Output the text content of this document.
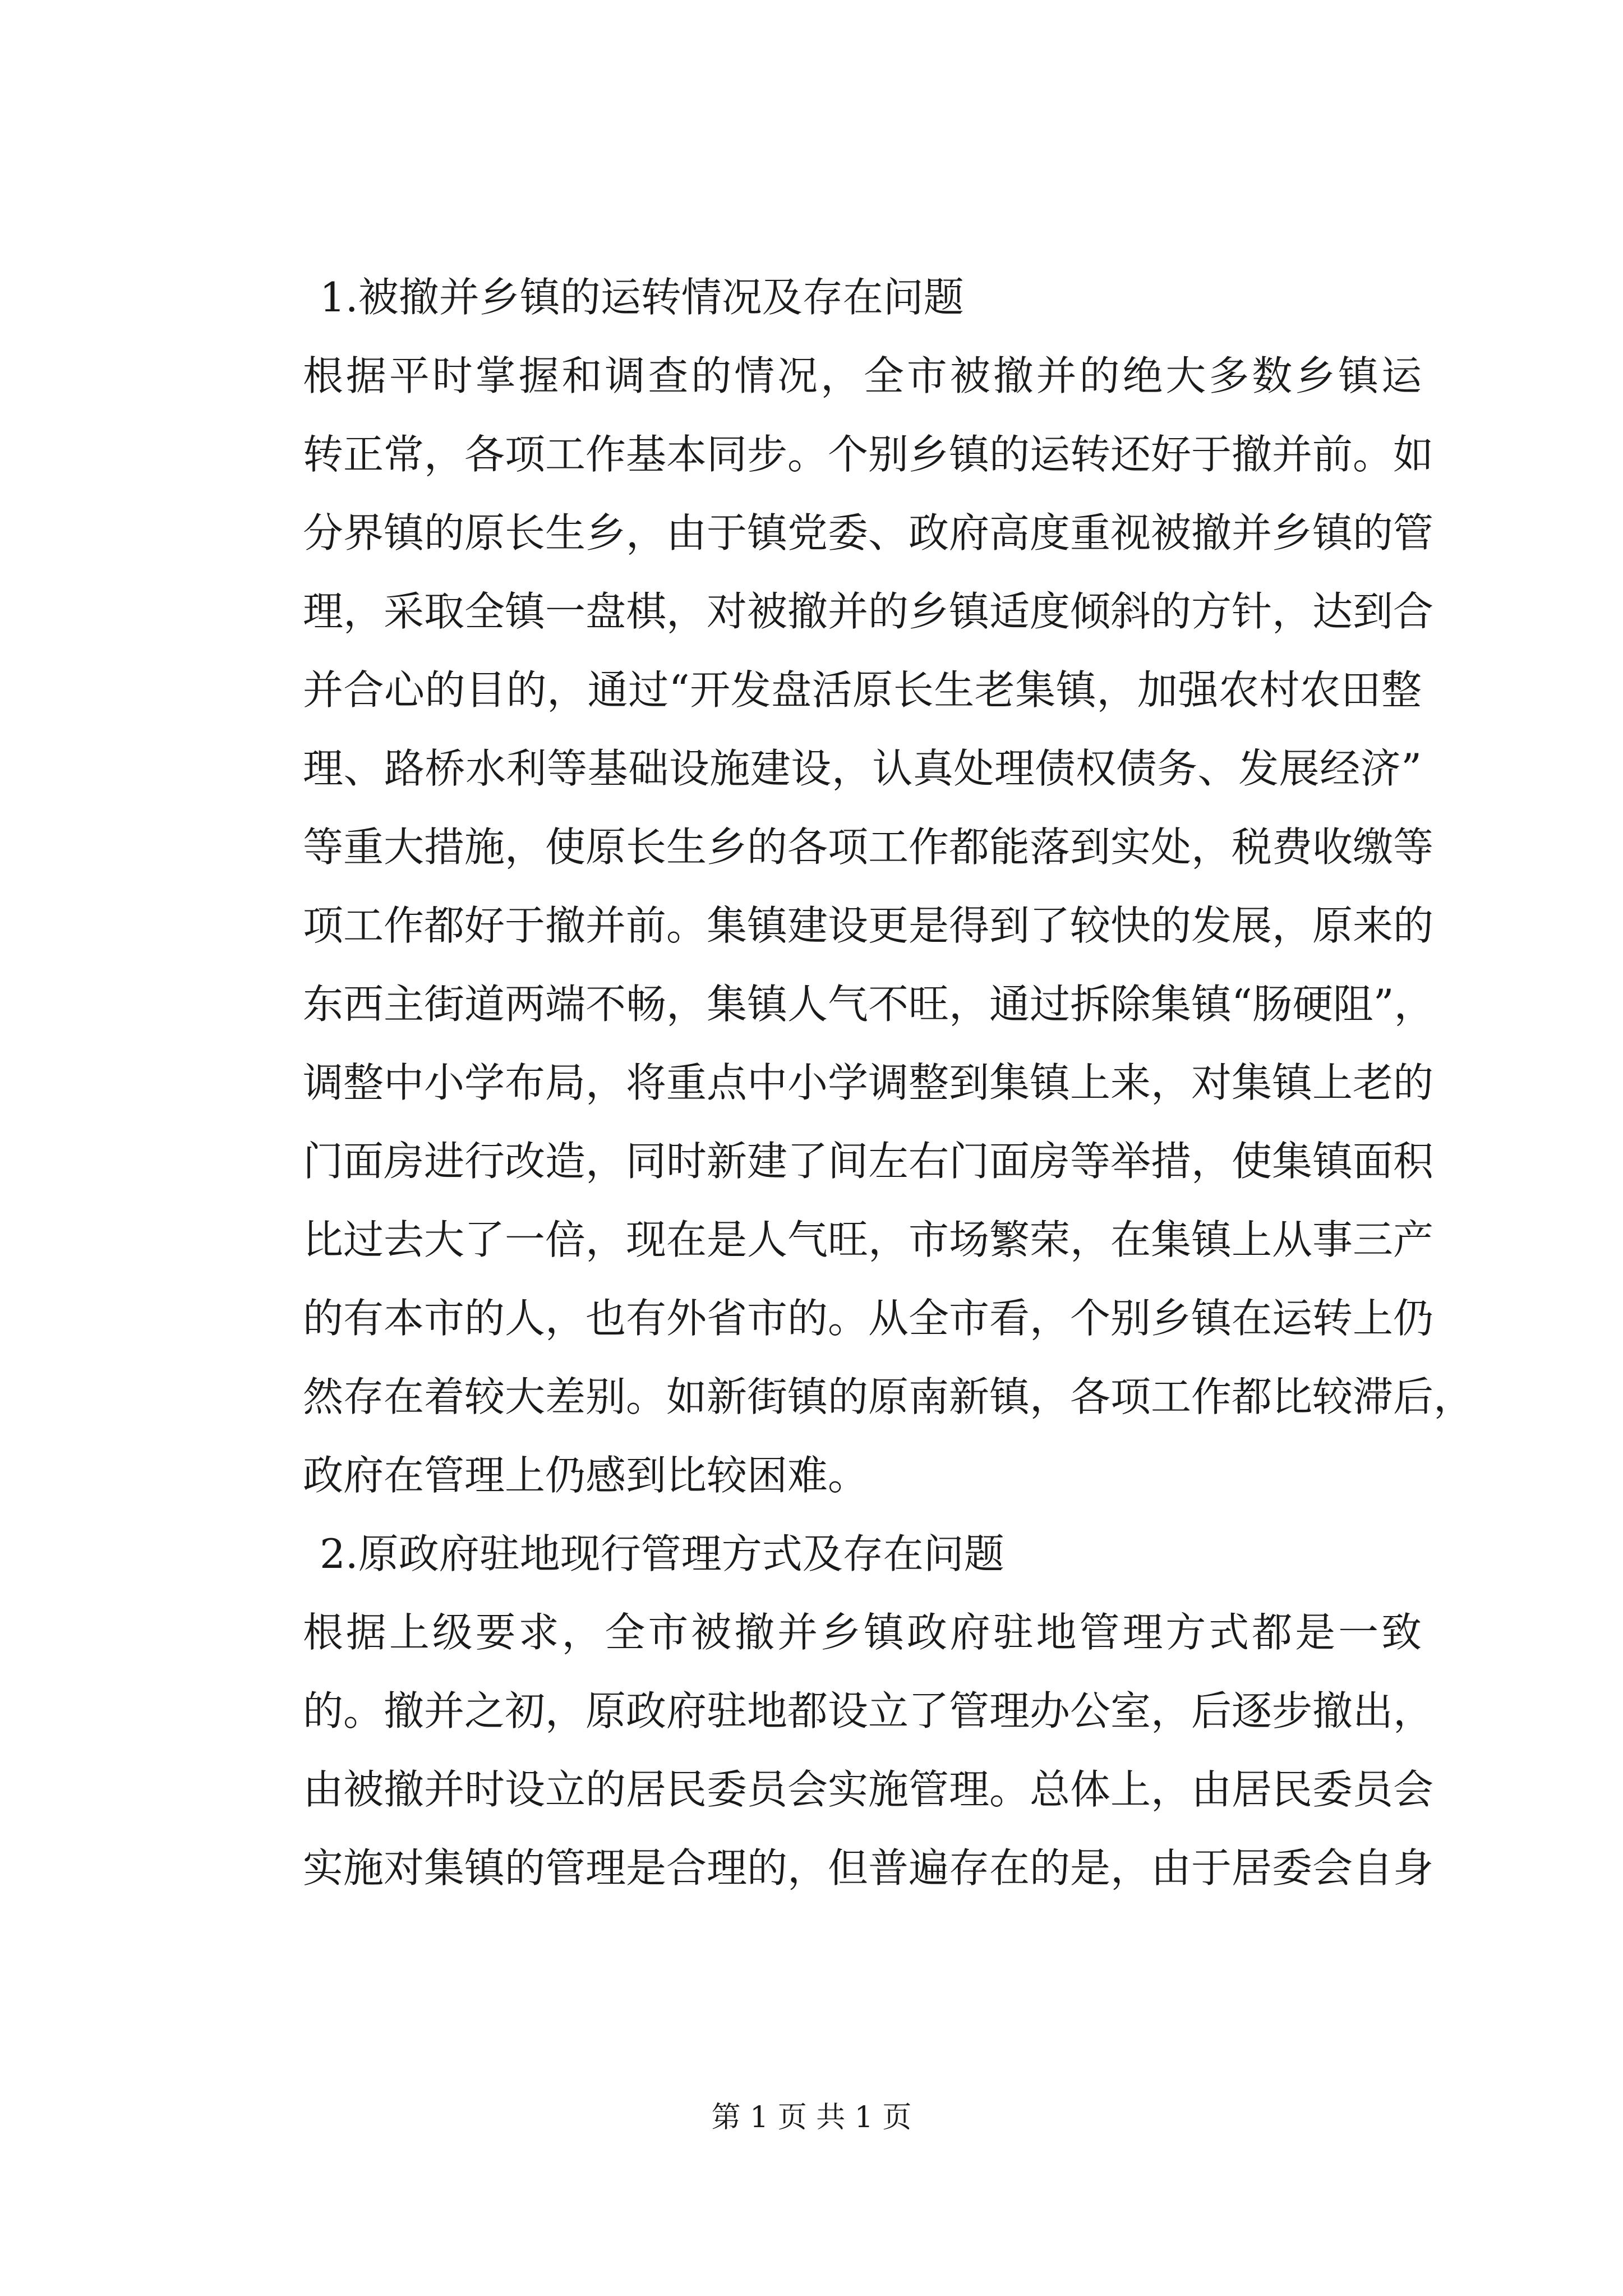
1.被撤并乡镇的运转情况及存在问题

根据平时掌握和调查的情况，全市被撤并的绝大多数乡镇运
转正常，各项工作基本同步。个别乡镇的运转还好于撤并前。如
分界镇的原长生乡，由于镇党委、政府高度重视被撤并乡镇的管
理，采取全镇一盘棋，对被撤并的乡镇适度倾斜的方针，达到合
并合心的目的，通过“开发盘活原长生老集镇，加强农村农田整
理、路桥水利等基础设施建设，认真处理债权债务、发展经济”
等重大措施，使原长生乡的各项工作都能落到实处，税费收缴等
项工作都好于撤并前。集镇建设更是得到了较快的发展，原来的
东西主街道两端不畅，集镇人气不旺，通过拆除集镇“肠硬阻”，
调整中小学布局，将重点中小学调整到集镇上来，对集镇上老的
门面房进行改造，同时新建了间左右门面房等举措，使集镇面积
比过去大了一倍，现在是人气旺，市场繁荣，在集镇上从事三产
的有本市的人，也有外省市的。从全市看，个别乡镇在运转上仍
然存在着较大差别。如新街镇的原南新镇，各项工作都比较滞后，
政府在管理上仍感到比较困难。

2.原政府驻地现行管理方式及存在问题

根据上级要求，全市被撤并乡镇政府驻地管理方式都是一致
的。撤并之初，原政府驻地都设立了管理办公室，后逐步撤出，
由被撤并时设立的居民委员会实施管理。总体上，由居民委员会
实施对集镇的管理是合理的，但普遍存在的是，由于居委会自身
第 1 页 共 1 页
